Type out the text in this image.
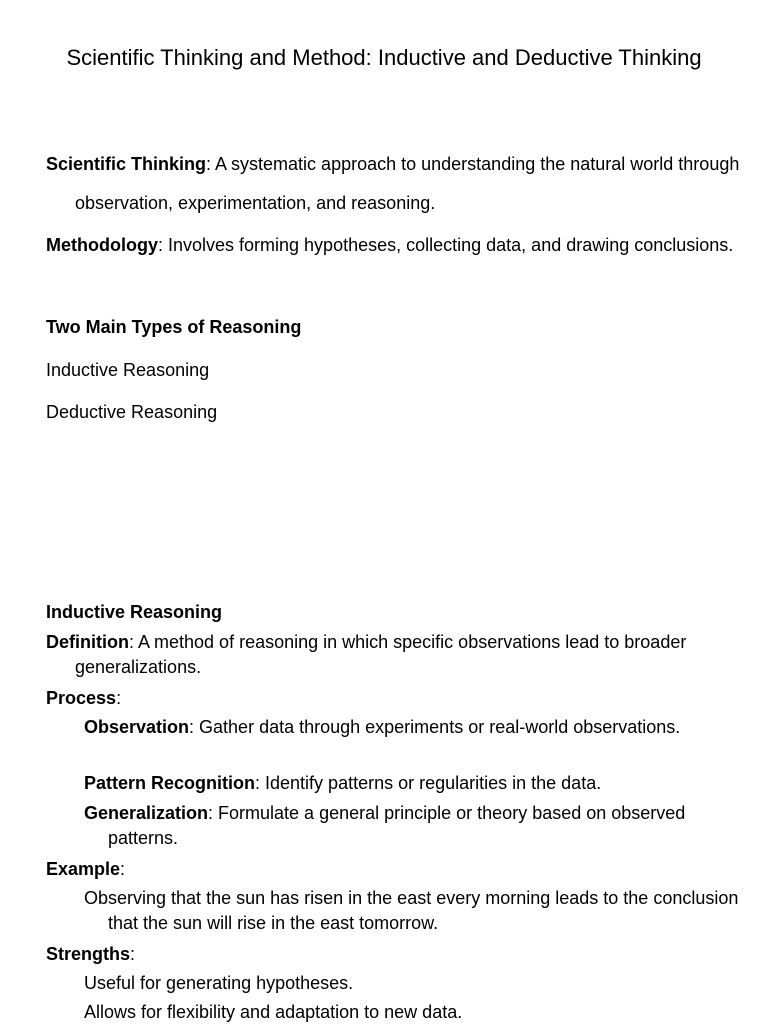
Scientific Thinking and Method: Inductive and Deductive Thinking
Scientific Thinking: A systematic approach to understanding the natural world through observation, experimentation, and reasoning.
Methodology: Involves forming hypotheses, collecting data, and drawing conclusions.
Two Main Types of Reasoning
Inductive Reasoning
Deductive Reasoning
Inductive Reasoning
Definition: A method of reasoning in which specific observations lead to broader generalizations.
Process:
Observation: Gather data through experiments or real-world observations.
Pattern Recognition: Identify patterns or regularities in the data.
Generalization: Formulate a general principle or theory based on observed patterns.
Example:
Observing that the sun has risen in the east every morning leads to the conclusion that the sun will rise in the east tomorrow.
Strengths:
Useful for generating hypotheses.
Allows for flexibility and adaptation to new data.
